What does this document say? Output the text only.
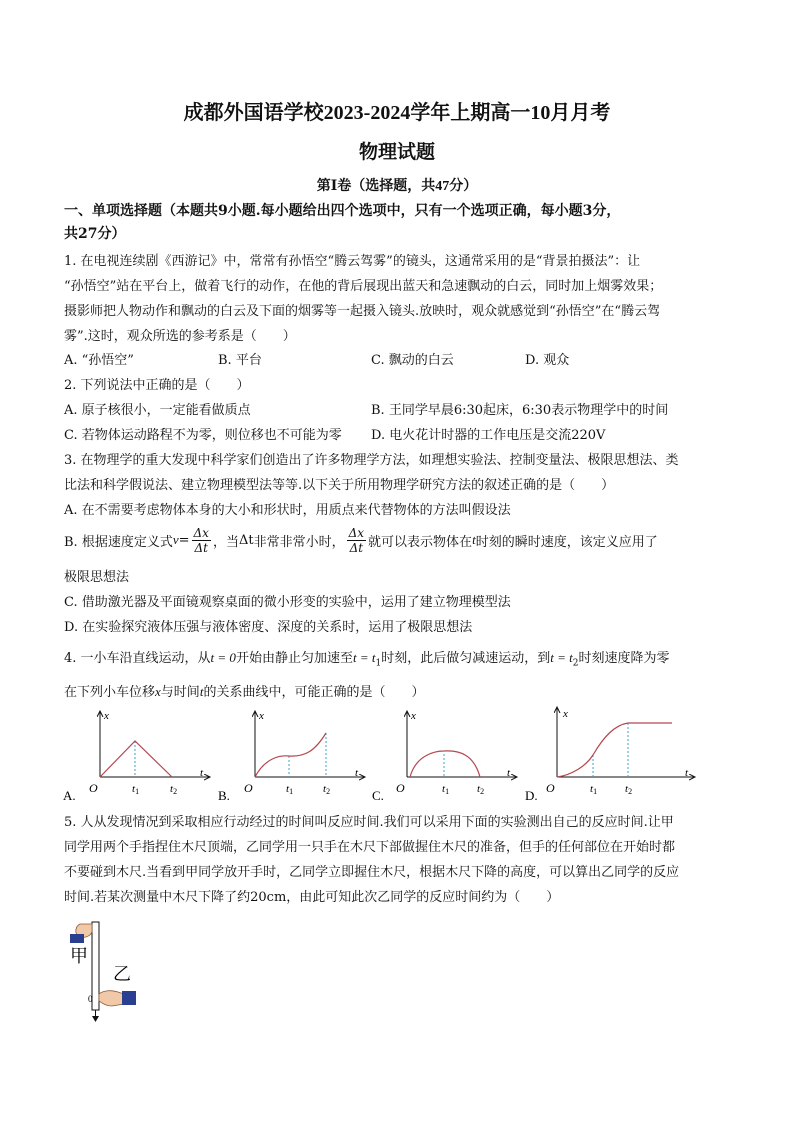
成都外国语学校2023-2024学年上期高一10月月考
物理试题
第Ⅰ卷（选择题，共47分）
一、单项选择题（本题共9小题.每小题给出四个选项中，只有一个选项正确，每小题3分，
共27分）
1. 在电视连续剧《西游记》中，常常有孙悟空“腾云驾雾”的镜头，这通常采用的是“背景拍摄法”：让
“孙悟空”站在平台上，做着飞行的动作，在他的背后展现出蓝天和急速飘动的白云，同时加上烟雾效果；
摄影师把人物动作和飘动的白云及下面的烟雾等一起摄入镜头.放映时，观众就感觉到“孙悟空”在“腾云驾
雾”.这时，观众所选的参考系是（　　）
A. “孙悟空”	B. 平台	C. 飘动的白云	D. 观众
2. 下列说法中正确的是（　　）
A. 原子核很小，一定能看做质点	B. 王同学早晨6:30起床，6:30表示物理学中的时间
C. 若物体运动路程不为零，则位移也不可能为零 D. 电火花计时器的工作电压是交流220V
3. 在物理学的重大发现中科学家们创造出了许多物理学方法，如理想实验法、控制变量法、极限思想法、类
比法和科学假说法、建立物理模型法等等.以下关于所用物理学研究方法的叙述正确的是（　　）
A. 在不需要考虑物体本身的大小和形状时，用质点来代替物体的方法叫假设法
B. 根据速度定义式 $v = \frac{\Delta x}{\Delta t}$ ，当 Δt 非常非常小时， $\frac{\Delta x}{\Delta t}$ 就可以表示物体在 t 时刻的瞬时速度，该定义应用了
极限思想法
C. 借助激光器及平面镜观察桌面的微小形变的实验中，运用了建立物理模型法
D. 在实验探究液体压强与液体密度、深度的关系时，运用了极限思想法
4. 一小车沿直线运动，从t = 0开始由静止匀加速至$t = t_1$时刻，此后做匀减速运动，到$t = t_2$时刻速度降为零
在下列小车位移x与时间t的关系曲线中，可能正确的是（　　）
A.
x
t
O	t1	t2	B.
x
t
O	t1	t2	C.
x
t
O	t1	t2	D.
x
t
O	t1	t2
5. 人从发现情况到采取相应行动经过的时间叫反应时间.我们可以采用下面的实验测出自己的反应时间.让甲
同学用两个手指捏住木尺顶端，乙同学用一只手在木尺下部做握住木尺的准备，但手的任何部位在开始时都
不要碰到木尺.当看到甲同学放开手时，乙同学立即握住木尺，根据木尺下降的高度，可以算出乙同学的反应
时间.若某次测量中木尺下降了约20cm，由此可知此次乙同学的反应时间约为（　　）
甲
乙
0
